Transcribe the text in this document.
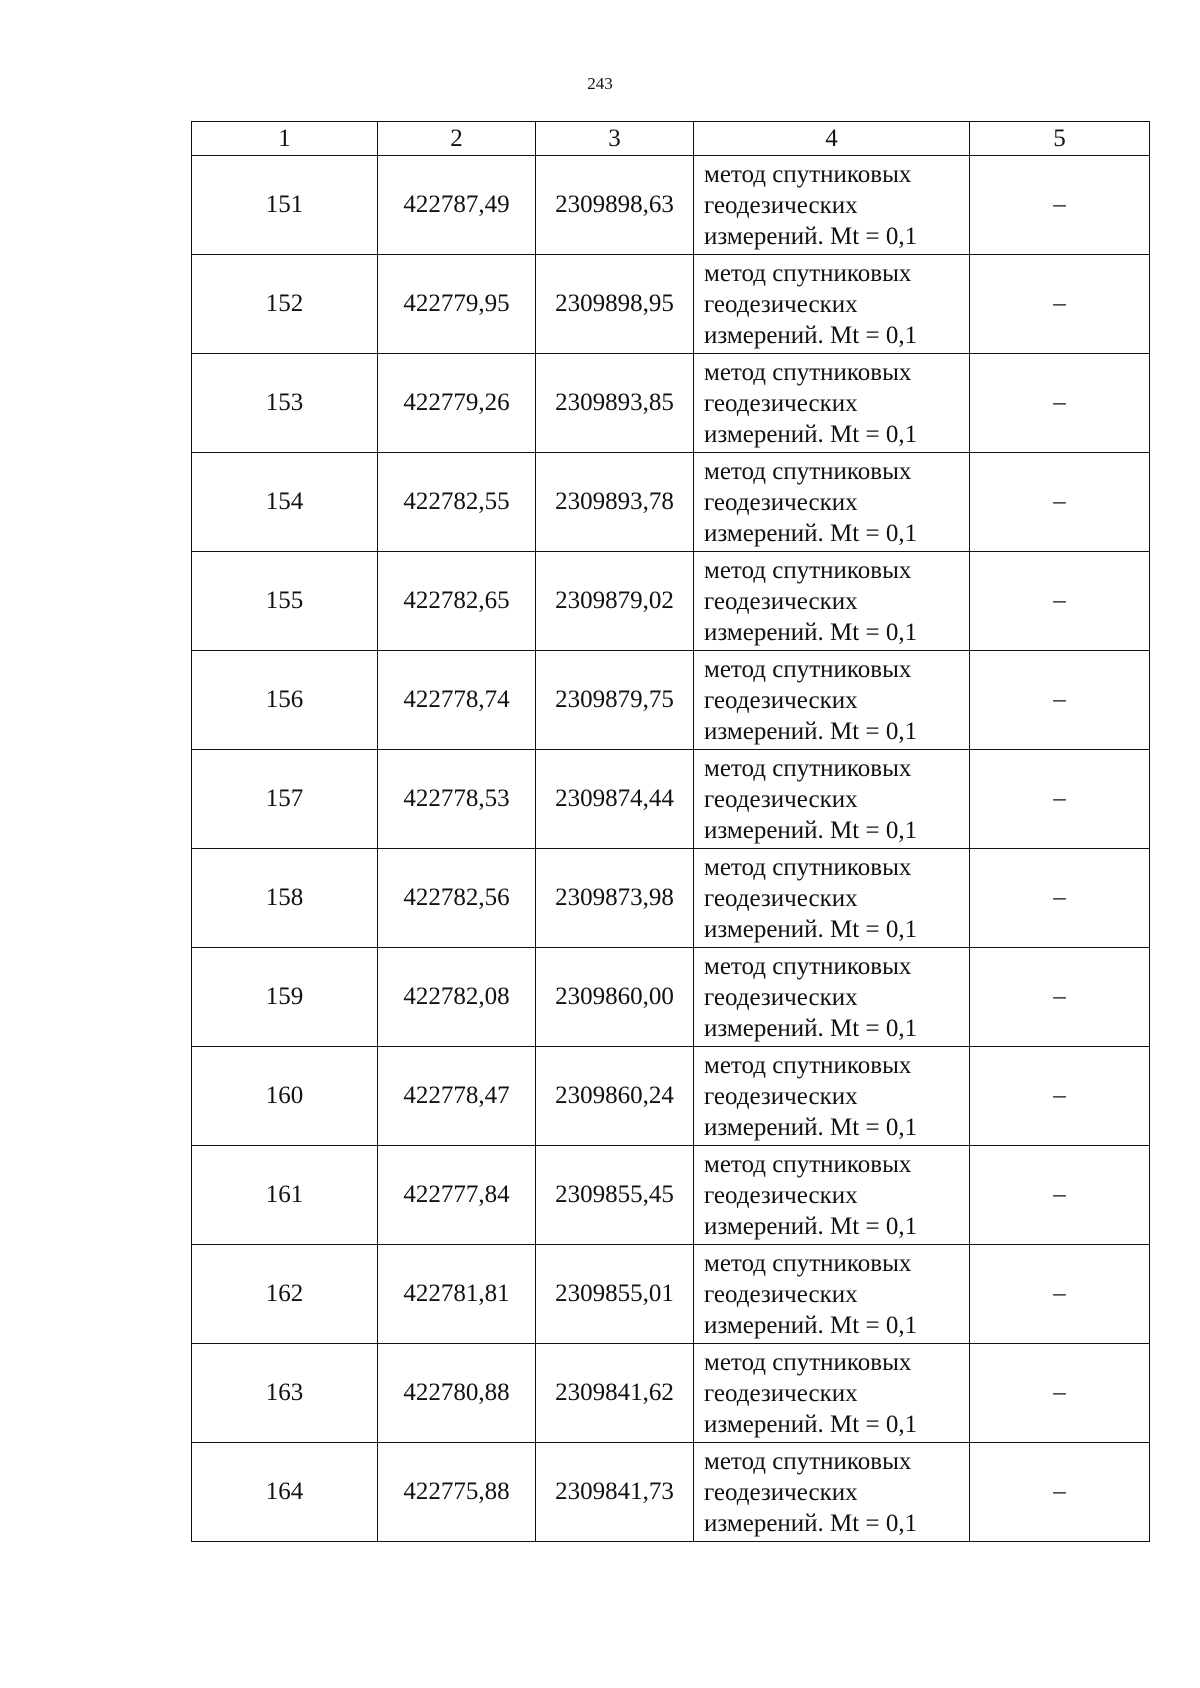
243
1	2	3	4	5
151	422787,49	2309898,63	метод спутниковых
геодезических
измерений. Mt = 0,1	–
152	422779,95	2309898,95	метод спутниковых
геодезических
измерений. Mt = 0,1	–
153	422779,26	2309893,85	метод спутниковых
геодезических
измерений. Mt = 0,1	–
154	422782,55	2309893,78	метод спутниковых
геодезических
измерений. Mt = 0,1	–
155	422782,65	2309879,02	метод спутниковых
геодезических
измерений. Mt = 0,1	–
156	422778,74	2309879,75	метод спутниковых
геодезических
измерений. Mt = 0,1	–
157	422778,53	2309874,44	метод спутниковых
геодезических
измерений. Mt = 0,1	–
158	422782,56	2309873,98	метод спутниковых
геодезических
измерений. Mt = 0,1	–
159	422782,08	2309860,00	метод спутниковых
геодезических
измерений. Mt = 0,1	–
160	422778,47	2309860,24	метод спутниковых
геодезических
измерений. Mt = 0,1	–
161	422777,84	2309855,45	метод спутниковых
геодезических
измерений. Mt = 0,1	–
162	422781,81	2309855,01	метод спутниковых
геодезических
измерений. Mt = 0,1	–
163	422780,88	2309841,62	метод спутниковых
геодезических
измерений. Mt = 0,1	–
164	422775,88	2309841,73	метод спутниковых
геодезических
измерений. Mt = 0,1	–
